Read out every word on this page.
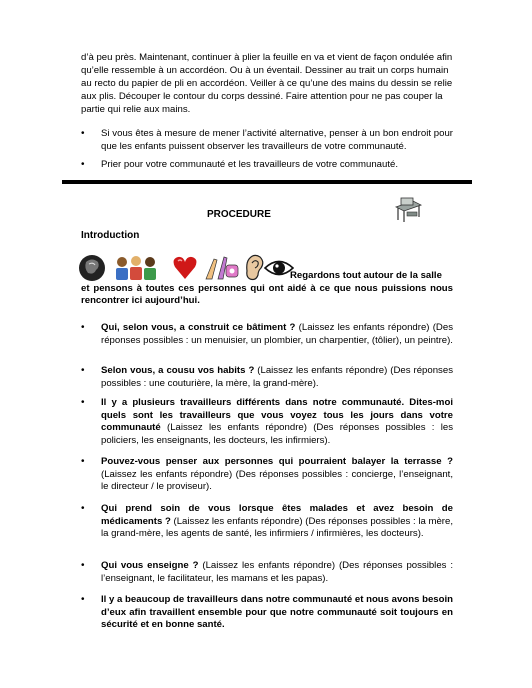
d’à peu près. Maintenant, continuer à plier la feuille en va et vient de façon ondulée afin qu’elle ressemble à un accordéon. Ou à un éventail. Dessiner au trait un corps humain au recto du papier de pli en accordéon. Veiller à ce qu’une des mains du dessin se relie aux plis. Découper le contour du corps dessiné. Faire attention pour ne pas couper la partie qui relie aux mains.

• Si vous êtes à mesure de mener l’activité alternative, penser à un bon endroit pour que les enfants puissent observer les travailleurs de votre communauté.
• Prier pour votre communauté et les travailleurs de votre communauté.
PROCEDURE
Introduction
Regardons tout autour de la salle
et pensons à toutes ces personnes qui ont aidé à ce que nous puissions nous rencontrer ici aujourd’hui.
• Qui, selon vous, a construit ce bâtiment ? (Laissez les enfants répondre) (Des réponses possibles : un menuisier, un plombier, un charpentier, (tôlier), un peintre).
• Selon vous, a cousu vos habits ? (Laissez les enfants répondre) (Des réponses possibles : une couturière, la mère, la grand-mère).
• Il y a plusieurs travailleurs différents dans notre communauté. Dites-moi quels sont les travailleurs que vous voyez tous les jours dans votre communauté (Laissez les enfants répondre) (Des réponses possibles : les policiers, les enseignants, les docteurs, les infirmiers).
• Pouvez-vous penser aux personnes qui pourraient balayer la terrasse ? (Laissez les enfants répondre) (Des réponses possibles : concierge, l’enseignant, le directeur / le proviseur).
• Qui prend soin de vous lorsque êtes malades et avez besoin de médicaments ? (Laissez les enfants répondre) (Des réponses possibles : la mère, la grand-mère, les agents de santé, les infirmiers / infirmières, les docteurs).
• Qui vous enseigne ? (Laissez les enfants répondre) (Des réponses possibles : l’enseignant, le facilitateur, les mamans et les papas).
• Il y a beaucoup de travailleurs dans notre communauté et nous avons besoin d’eux afin travaillent ensemble pour que notre communauté soit toujours en sécurité et en bonne santé.
